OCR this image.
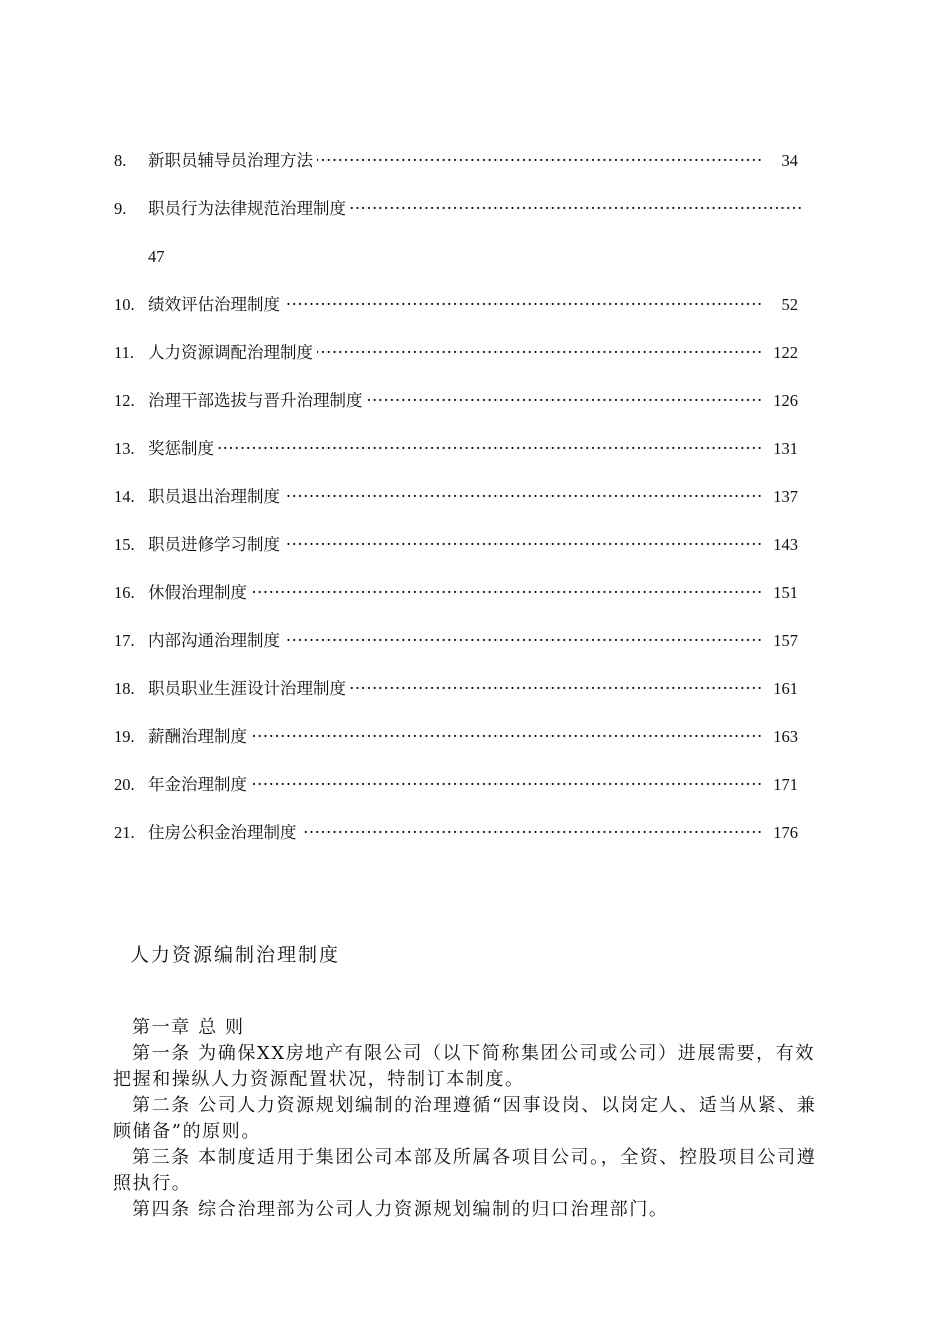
·····
8. 新职员辅导员治理方法	34
·····
9. 职员行为法律规范治理制度
47
·····
10. 绩效评估治理制度	52
·····
11. 人力资源调配治理制度	122
·····
12. 治理干部选拔与晋升治理制度	126
·····
13. 奖惩制度	131
·····
14. 职员退出治理制度	137
·····
15. 职员进修学习制度	143
·····
16. 休假治理制度	151
·····
17. 内部沟通治理制度	157
·····
18. 职员职业生涯设计治理制度	161
·····
19. 薪酬治理制度	163
·····
20. 年金治理制度	171
·····
21. 住房公积金治理制度	176
人力资源编制治理制度

第一章 总 则

第一条 为确保XX房地产有限公司（以下简称集团公司或公司）进展需要，有效把握和操纵人力资源配置状况，特制订本制度。

第二条 公司人力资源规划编制的治理遵循“因事设岗、以岗定人、适当从紧、兼顾储备”的原则。

第三条 本制度适用于集团公司本部及所属各项目公司。，全资、控股项目公司遵照执行。

第四条 综合治理部为公司人力资源规划编制的归口治理部门。
